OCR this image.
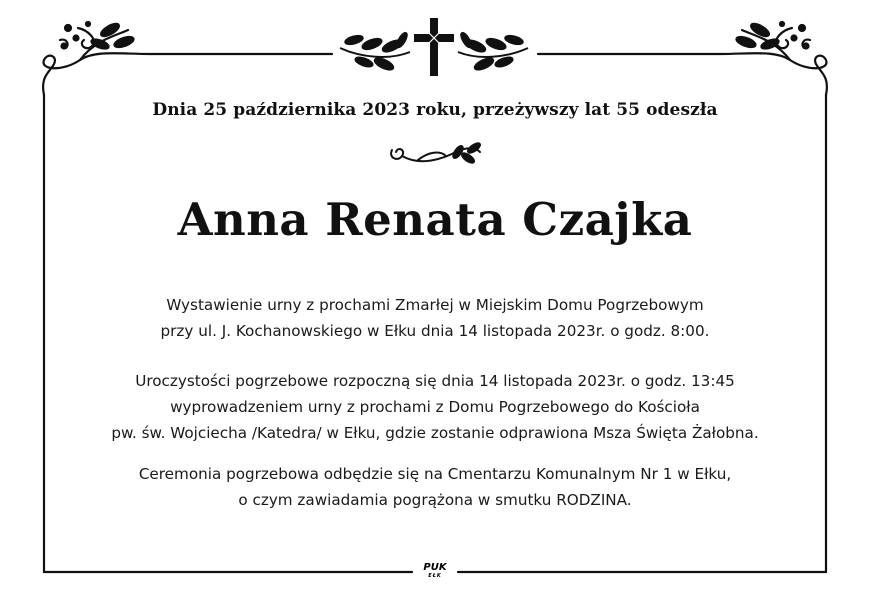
Dnia 25 października 2023 roku, przeżywszy lat 55 odeszła
Anna Renata Czajka
Wystawienie urny z prochami Zmarłej w Miejskim Domu Pogrzebowym
przy ul. J. Kochanowskiego w Ełku dnia 14 listopada 2023r. o godz. 8:00.
Uroczystości pogrzebowe rozpoczną się dnia 14 listopada 2023r. o godz. 13:45
wyprowadzeniem urny z prochami z Domu Pogrzebowego do Kościoła
pw. św. Wojciecha /Katedra/ w Ełku, gdzie zostanie odprawiona Msza Święta Żałobna.
Ceremonia pogrzebowa odbędzie się na Cmentarzu Komunalnym Nr 1 w Ełku,
o czym zawiadamia pogrążona w smutku RODZINA.
PUK
EŁK
